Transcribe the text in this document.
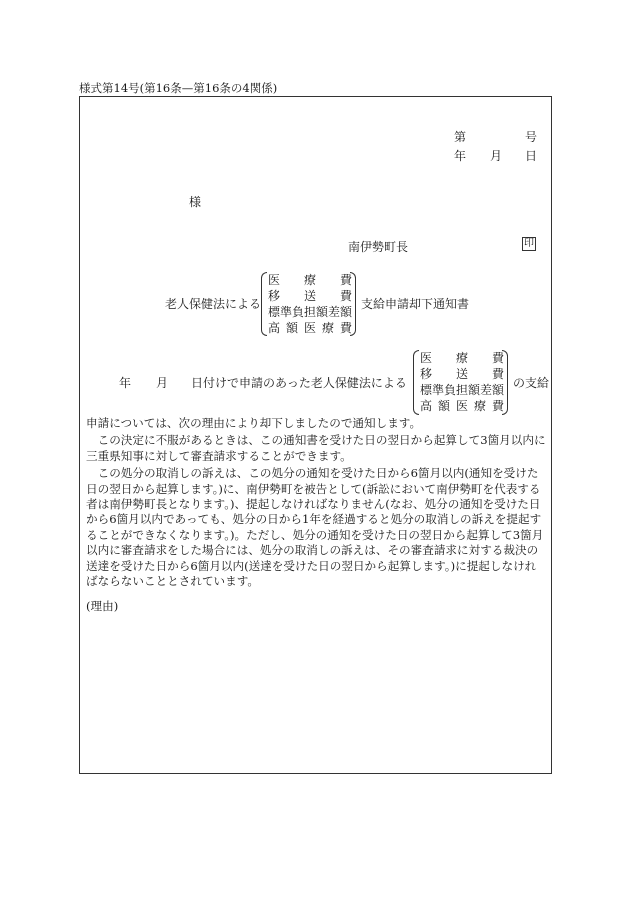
様式第14号(第16条—第16条の4関係)
第	号
年 月 日
様
南伊勢町長	印
老人保健法による
医 療 費
移 送 費
標準負担額差額
高 額 医 療 費
支給申請却下通知書
年 月 日付けで申請のあった老人保健法による
医 療 費
移 送 費
標準負担額差額
高 額 医 療 費
の支給

申請については、次の理由により却下しましたので通知します。

この決定に不服があるときは、この通知書を受けた日の翌日から起算して3箇月以内に三重県知事に対して審査請求することができます。

この処分の取消しの訴えは、この処分の通知を受けた日から6箇月以内(通知を受けた日の翌日から起算します。)に、南伊勢町を被告として(訴訟において南伊勢町を代表する者は南伊勢町長となります。)、提起しなければなりません(なお、処分の通知を受けた日から6箇月以内であっても、処分の日から1年を経過すると処分の取消しの訴えを提起することができなくなります。)。ただし、処分の通知を受けた日の翌日から起算して3箇月以内に審査請求をした場合には、処分の取消しの訴えは、その審査請求に対する裁決の送達を受けた日から6箇月以内(送達を受けた日の翌日から起算します。)に提起しなければならないこととされています。

(理由)
